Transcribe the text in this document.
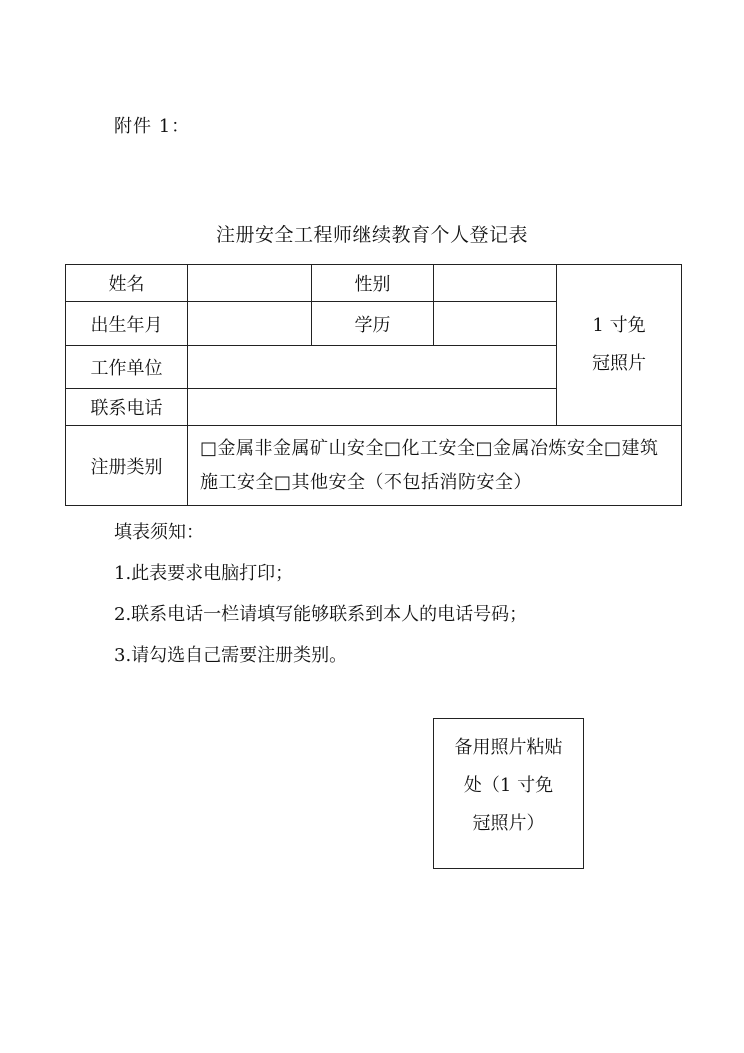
附件 1：
注册安全工程师继续教育个人登记表
姓名		性别		1 寸免
冠照片
出生年月		学历		
工作单位				
联系电话				
注册类别	□金属非金属矿山安全□化工安全□金属冶炼安全□建筑
施工安全□其他安全（不包括消防安全）			

填表须知：

1.此表要求电脑打印；

2.联系电话一栏请填写能够联系到本人的电话号码；

3.请勾选自己需要注册类别。

备用照片粘贴
处（1 寸免
冠照片）
